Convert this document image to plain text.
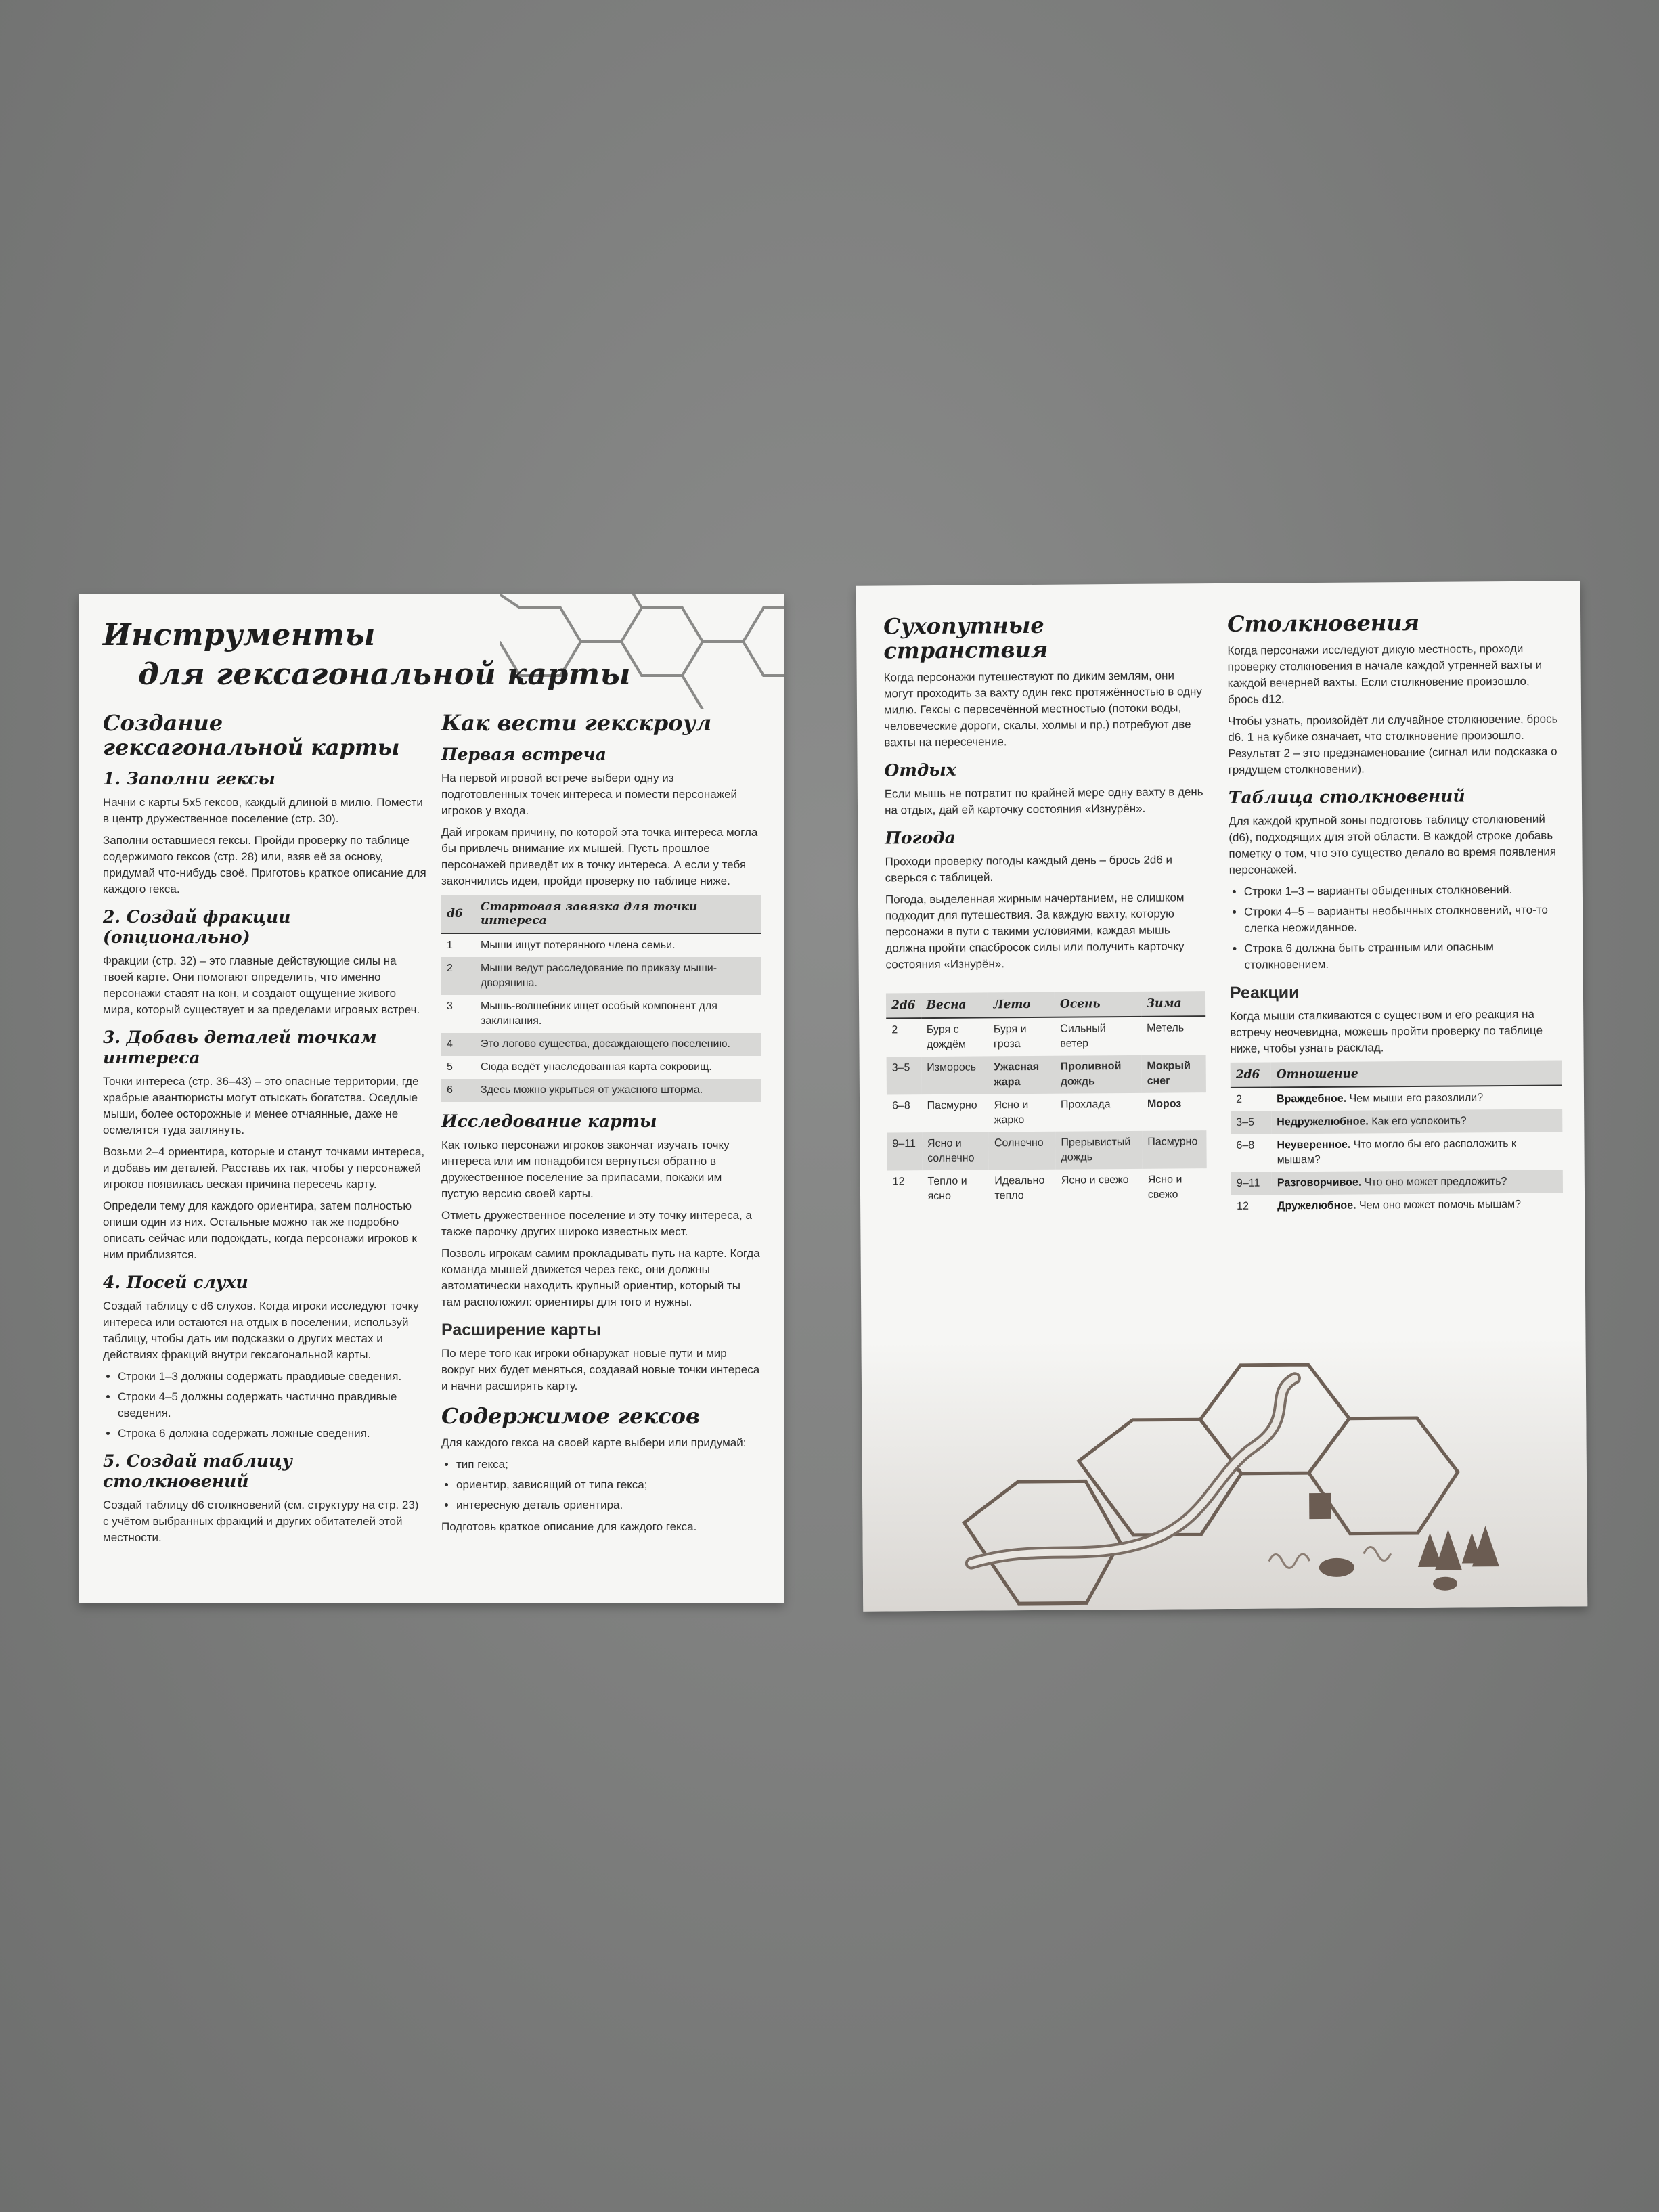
Инструменты

для гексагональной карты
Создание
гексагональной карты
1. Заполни гексы

Начни с карты 5х5 гексов, каждый длиной в милю. Помести в центр дружественное поселение (стр. 30).

Заполни оставшиеся гексы. Пройди проверку по таблице содержимого гексов (стр. 28) или, взяв её за основу, придумай что-нибудь своё. Приготовь краткое описание для каждого гекса.

2. Создай фракции (опционально)

Фракции (стр. 32) – это главные действующие силы на твоей карте. Они помогают определить, что именно персонажи ставят на кон, и создают ощущение живого мира, который существует и за пределами игровых встреч.

3. Добавь деталей точкам интереса

Точки интереса (стр. 36–43) – это опасные территории, где храбрые авантюристы могут отыскать богатства. Оседлые мыши, более осторожные и менее отчаянные, даже не осмелятся туда заглянуть.

Возьми 2–4 ориентира, которые и станут точками интереса, и добавь им деталей. Расставь их так, чтобы у персонажей игроков появилась веская причина пересечь карту.

Определи тему для каждого ориентира, затем полностью опиши один из них. Остальные можно так же подробно описать сейчас или подождать, когда персонажи игроков к ним приблизятся.

4. Посей слухи

Создай таблицу с d6 слухов. Когда игроки исследуют точку интереса или остаются на отдых в поселении, используй таблицу, чтобы дать им подсказки о других местах и действиях фракций внутри гексагональной карты.

• Строки 1–3 должны содержать правдивые сведения.
• Строки 4–5 должны содержать частично правдивые сведения.
• Строка 6 должна содержать ложные сведения.
5. Создай таблицу столкновений

Создай таблицу d6 столкновений (см. структуру на стр. 23) с учётом выбранных фракций и других обитателей этой местности.

Как вести гекскроул
Первая встреча

На первой игровой встрече выбери одну из подготовленных точек интереса и помести персонажей игроков у входа.

Дай игрокам причину, по которой эта точка интереса могла бы привлечь внимание их мышей. Пусть прошлое персонажей приведёт их в точку интереса. А если у тебя закончились идеи, пройди проверку по таблице ниже.

d6	Стартовая завязка для точки интереса
1	Мыши ищут потерянного члена семьи.
2	Мыши ведут расследование по приказу мыши-дворянина.
3	Мышь-волшебник ищет особый компонент для заклинания.
4	Это логово существа, досаждающего поселению.
5	Сюда ведёт унаследованная карта сокровищ.
6	Здесь можно укрыться от ужасного шторма.
Исследование карты

Как только персонажи игроков закончат изучать точку интереса или им понадобится вернуться обратно в дружественное поселение за припасами, покажи им пустую версию своей карты.

Отметь дружественное поселение и эту точку интереса, а также парочку других широко известных мест.

Позволь игрокам самим прокладывать путь на карте. Когда команда мышей движется через гекс, они должны автоматически находить крупный ориентир, который ты там расположил: ориентиры для того и нужны.

Расширение карты

По мере того как игроки обнаружат новые пути и мир вокруг них будет меняться, создавай новые точки интереса и начни расширять карту.

Содержимое гексов

Для каждого гекса на своей карте выбери или придумай:

• тип гекса;
• ориентир, зависящий от типа гекса;
• интересную деталь ориентира.

Подготовь краткое описание для каждого гекса.

Сухопутные странствия

Когда персонажи путешествуют по диким землям, они могут проходить за вахту один гекс протяжённостью в одну милю. Гексы с пересечённой местностью (потоки воды, человеческие дороги, скалы, холмы и пр.) потребуют две вахты на пересечение.

Отдых

Если мышь не потратит по крайней мере одну вахту в день на отдых, дай ей карточку состояния «Изнурён».

Погода

Проходи проверку погоды каждый день – брось 2d6 и сверься с таблицей.

Погода, выделенная жирным начертанием, не слишком подходит для путешествия. За каждую вахту, которую персонажи в пути с такими условиями, каждая мышь должна пройти спасбросок силы или получить карточку состояния «Изнурён».

2d6	Весна	Лето	Осень	Зима
2	Буря с дождём	Буря и гроза	Сильный ветер	Метель
3–5	Изморось	Ужасная жара	Проливной дождь	Мокрый снег
6–8	Пасмурно	Ясно и жарко	Прохлада	Мороз
9–11	Ясно и солнечно	Солнечно	Прерывистый дождь	Пасмурно
12	Тепло и ясно	Идеально тепло	Ясно и свежо	Ясно и свежо
Столкновения

Когда персонажи исследуют дикую местность, проходи проверку столкновения в начале каждой утренней вахты и каждой вечерней вахты. Если столкновение произошло, брось d12.

Чтобы узнать, произойдёт ли случайное столкновение, брось d6. 1 на кубике означает, что столкновение произошло. Результат 2 – это предзнаменование (сигнал или подсказка о грядущем столкновении).

Таблица столкновений

Для каждой крупной зоны подготовь таблицу столкновений (d6), подходящих для этой области. В каждой строке добавь пометку о том, что это существо делало во время появления персонажей.

• Строки 1–3 – варианты обыденных столкновений.
• Строки 4–5 – варианты необычных столкновений, что-то слегка неожиданное.
• Строка 6 должна быть странным или опасным столкновением.
Реакции

Когда мыши сталкиваются с существом и его реакция на встречу неочевидна, можешь пройти проверку по таблице ниже, чтобы узнать расклад.

2d6	Отношение
2	Враждебное. Чем мыши его разозлили?
3–5	Недружелюбное. Как его успокоить?
6–8	Неуверенное. Что могло бы его расположить к мышам?
9–11	Разговорчивое. Что оно может предложить?
12	Дружелюбное. Чем оно может помочь мышам?
